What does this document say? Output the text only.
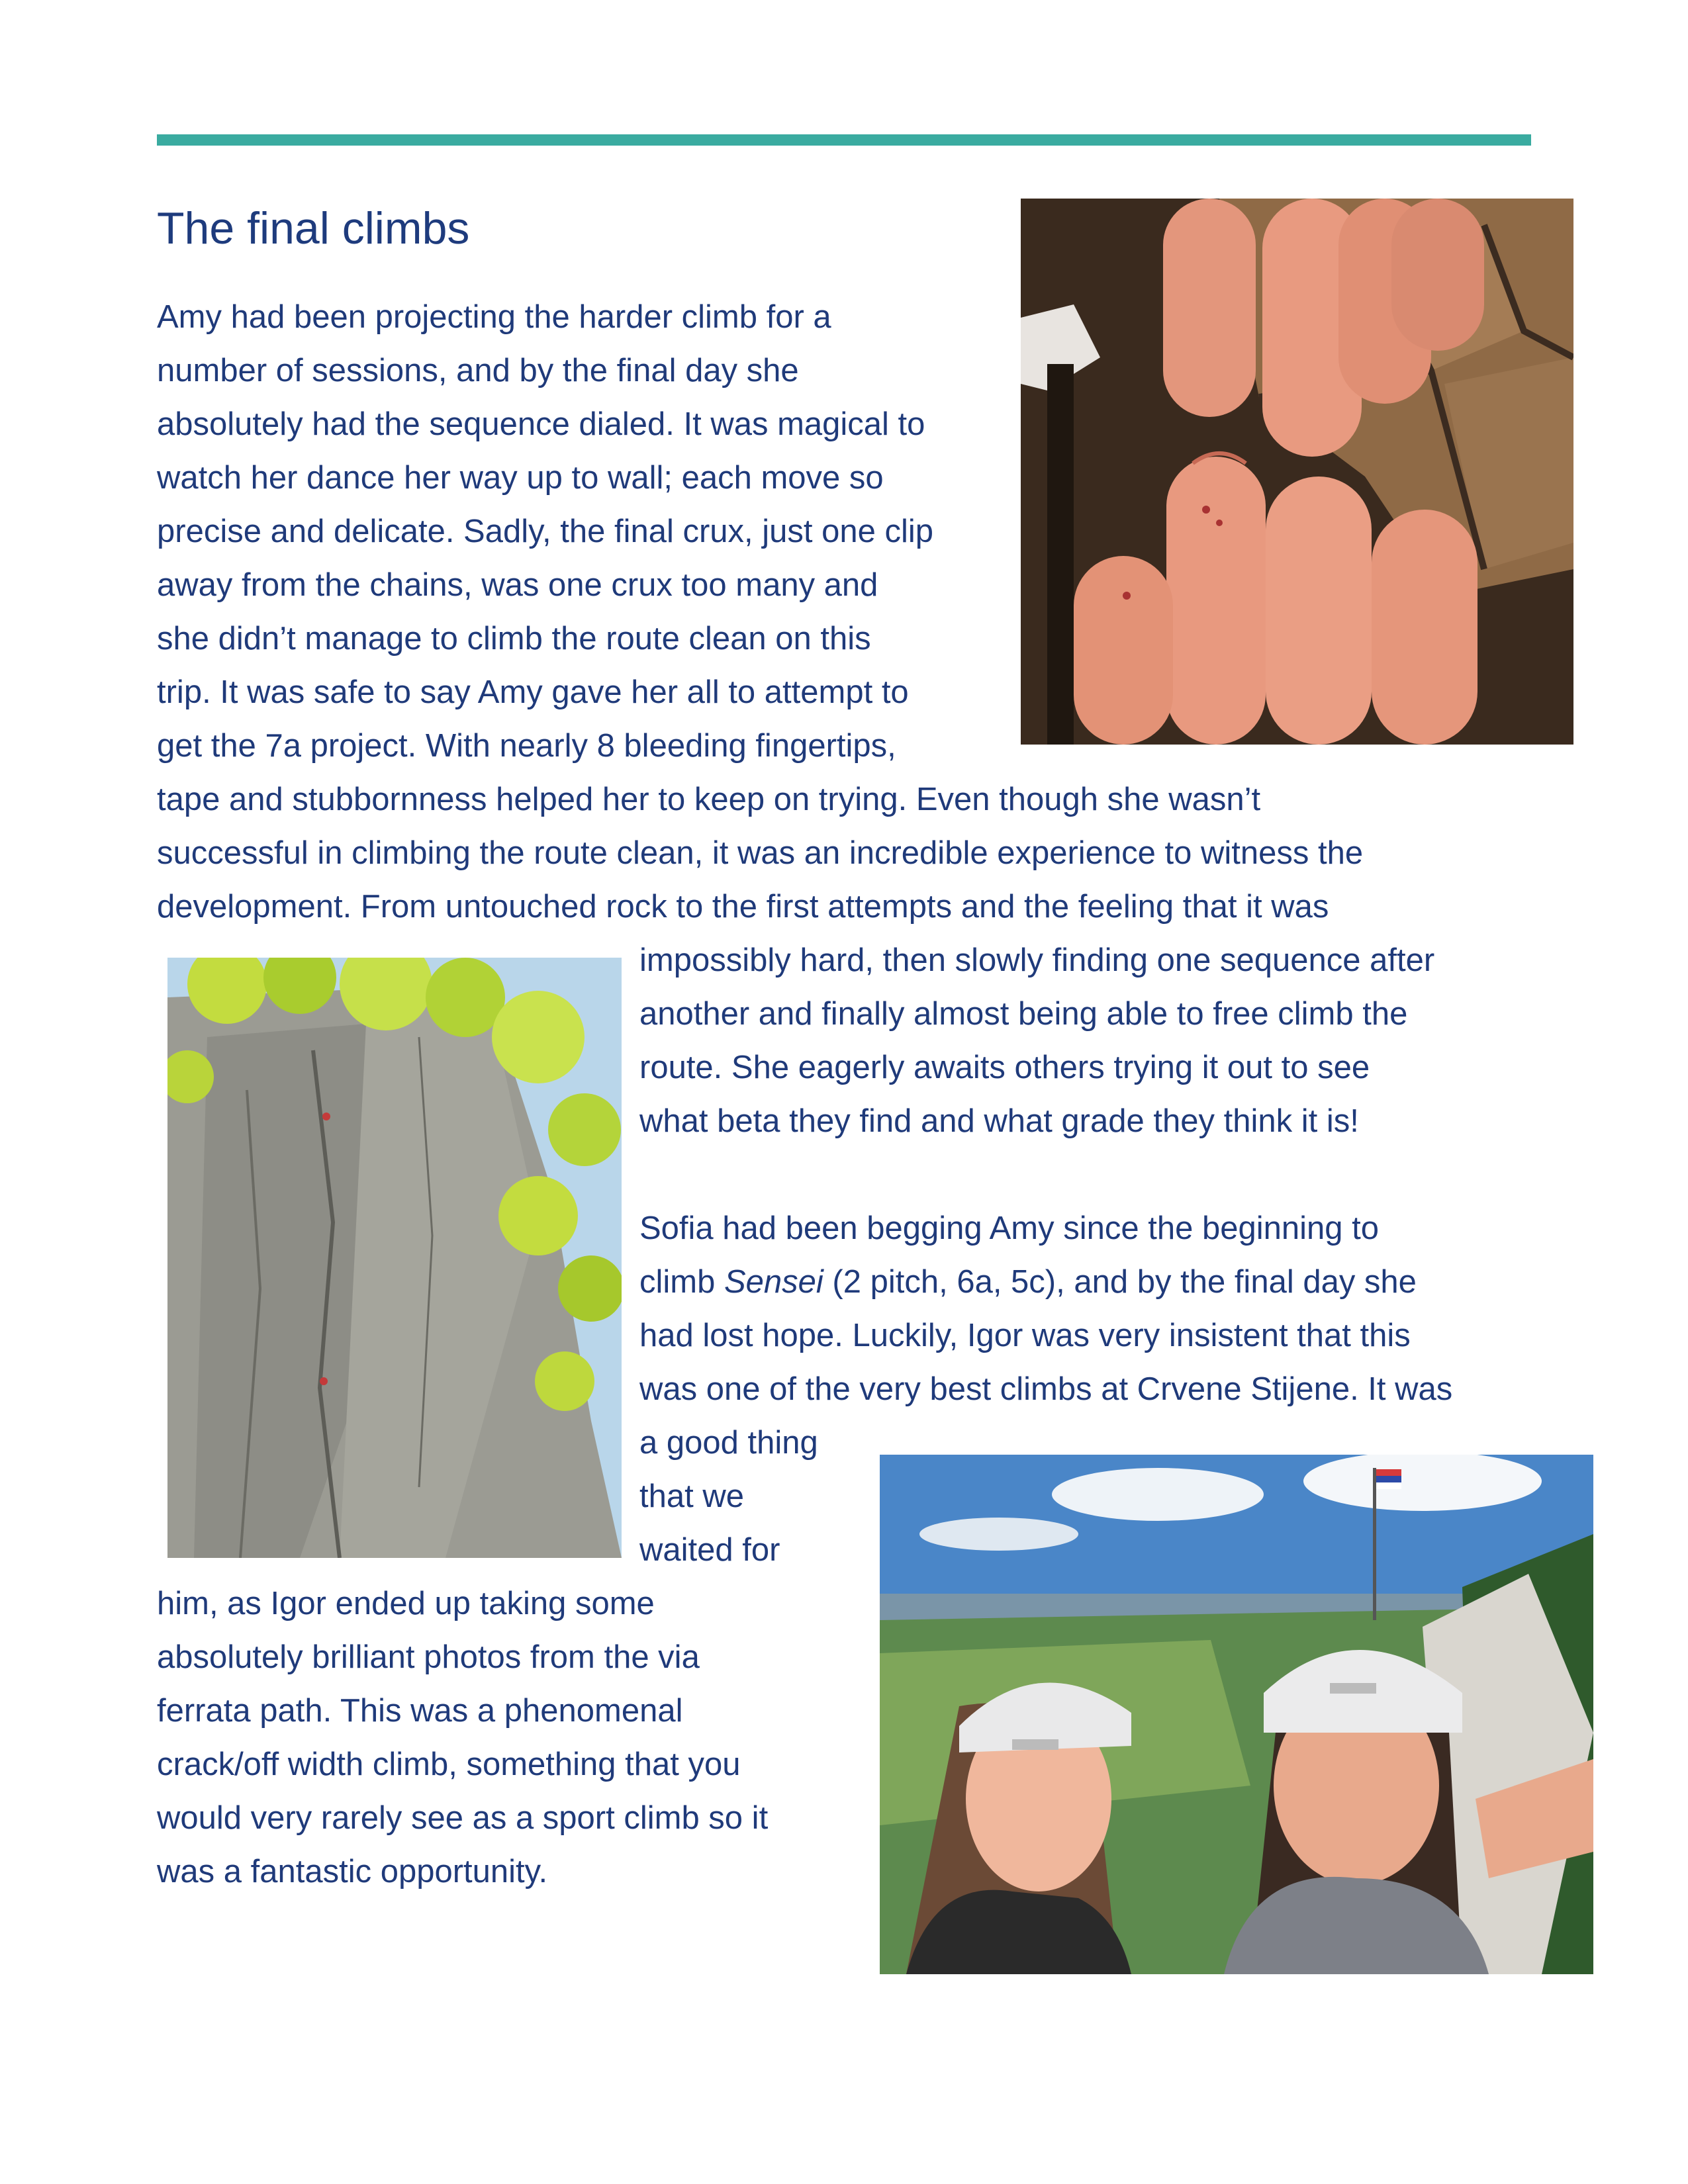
The final climbs

Amy had been projecting the harder climb for a

number of sessions, and by the final day she

absolutely had the sequence dialed. It was magical to

watch her dance her way up to wall; each move so

precise and delicate. Sadly, the final crux, just one clip

away from the chains, was one crux too many and

she didn’t manage to climb the route clean on this

trip. It was safe to say Amy gave her all to attempt to

get the 7a project. With nearly 8 bleeding fingertips,

tape and stubbornness helped her to keep on trying. Even though she wasn’t

successful in climbing the route clean, it was an incredible experience to witness the

development. From untouched rock to the first attempts and the feeling that it was

impossibly hard, then slowly finding one sequence after

another and finally almost being able to free climb the

route. She eagerly awaits others trying it out to see

what beta they find and what grade they think it is!

Sofia had been begging Amy since the beginning to

climb Sensei (2 pitch, 6a, 5c), and by the final day she

had lost hope. Luckily, Igor was very insistent that this

was one of the very best climbs at Crvene Stijene. It was

a good thing

that we

waited for

him, as Igor ended up taking some

absolutely brilliant photos from the via

ferrata path. This was a phenomenal

crack/off width climb, something that you

would very rarely see as a sport climb so it

was a fantastic opportunity.
